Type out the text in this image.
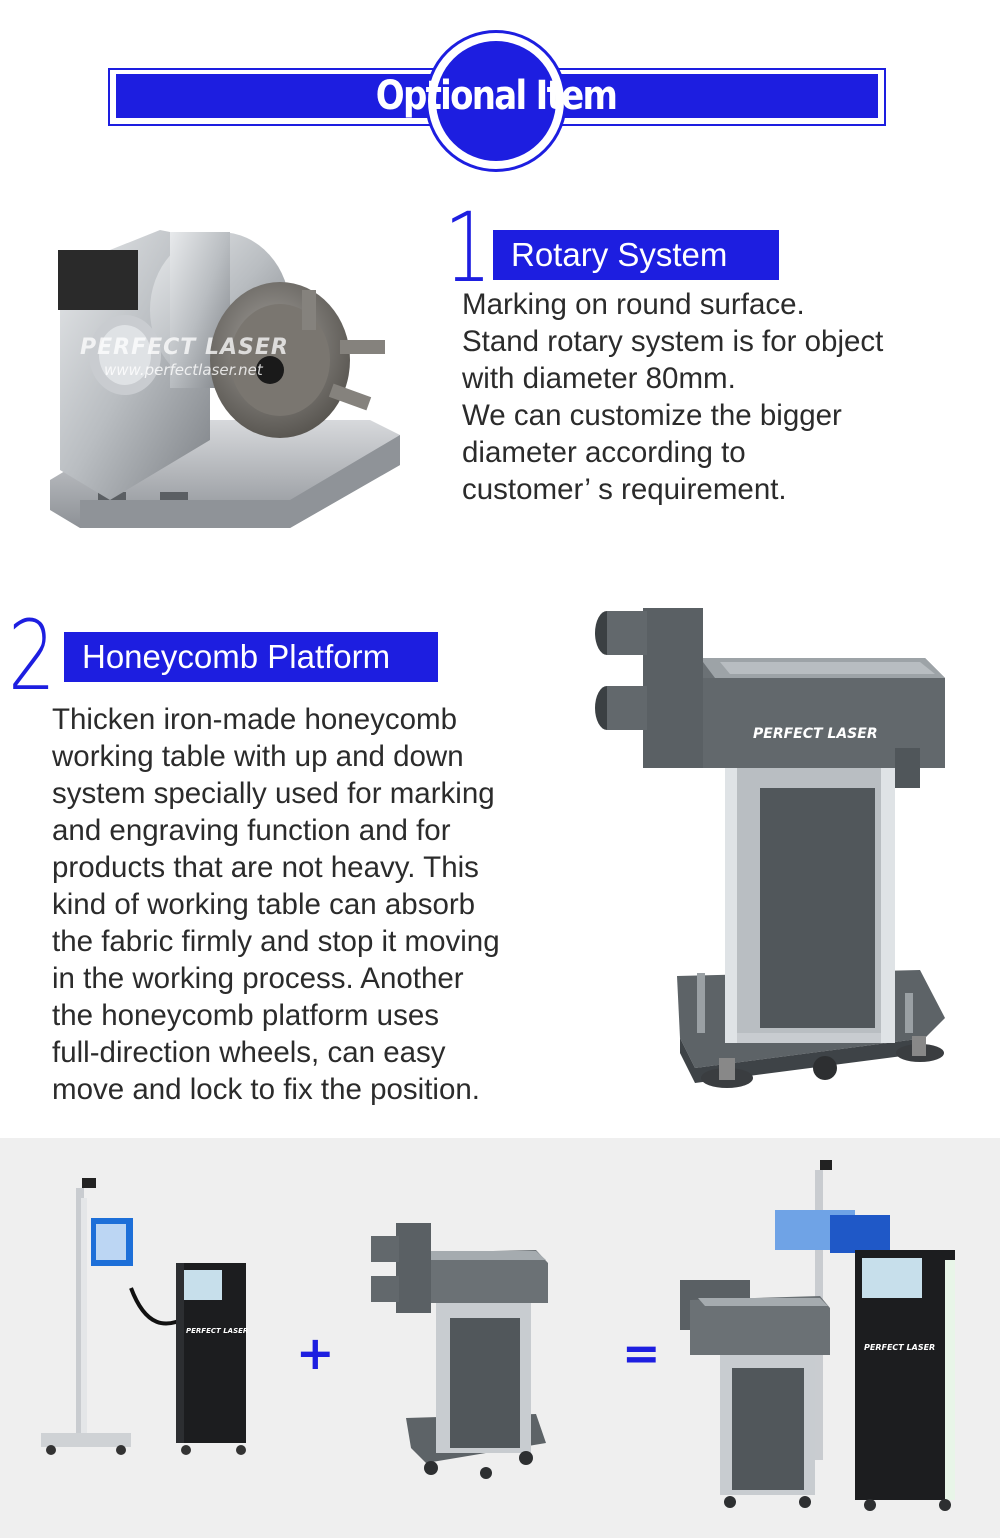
Optional Item
PERFECT LASER
www.perfectlaser.net
1 Rotary System
Marking on round surface.
Stand rotary system is for object
with diameter 80mm.
We can customize the bigger
diameter according to
customer’ s requirement.
2 Honeycomb Platform
Thicken iron-made honeycomb
working table with up and down
system specially used for marking
and engraving function and for
products that are not heavy. This
kind of working table can absorb
the fabric firmly and stop it moving
in the working process. Another
the honeycomb platform uses
full-direction wheels, can easy
move and lock to fix the position.
PERFECT LASER
PERFECT LASER +	=	PERFECT LASER
